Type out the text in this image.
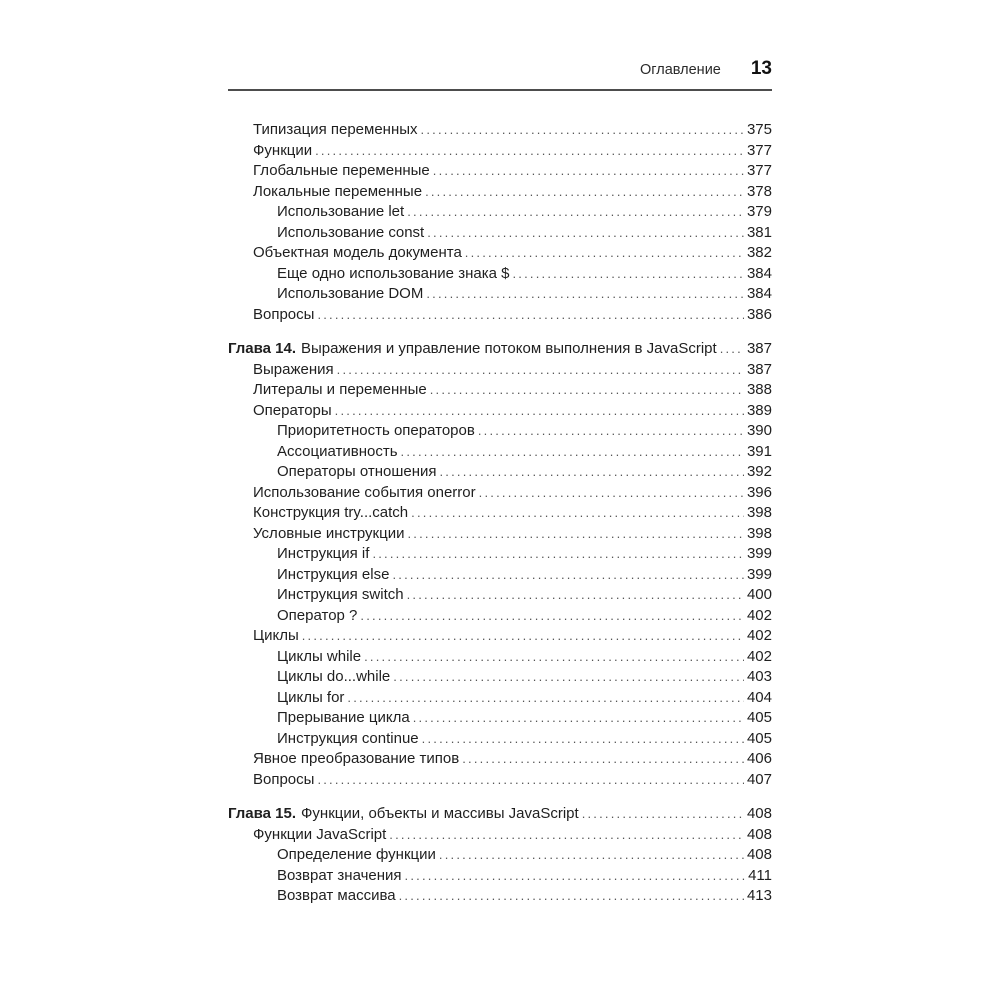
Оглавление 13
Типизация переменных .....	375
Функции .....	377
Глобальные переменные .....	377
Локальные переменные .....	378
Использование let .....	379
Использование const .....	381
Объектная модель документа .....	382
Еще одно использование знака $ .....	384
Использование DOM .....	384
Вопросы .....	386
Глава 14. Выражения и управление потоком выполнения в JavaScript ..... 387
Выражения .....	387
Литералы и переменные .....	388
Операторы .....	389
Приоритетность операторов .....	390
Ассоциативность .....	391
Операторы отношения .....	392
Использование события onerror .....	396
Конструкция try...catch .....	398
Условные инструкции .....	398
Инструкция if .....	399
Инструкция else .....	399
Инструкция switch .....	400
Оператор ? .....	402
Циклы .....	402
Циклы while .....	402
Циклы do...while .....	403
Циклы for .....	404
Прерывание цикла .....	405
Инструкция continue .....	405
Явное преобразование типов .....	406
Вопросы .....	407
Глава 15. Функции, объекты и массивы JavaScript .....	408
Функции JavaScript .....	408
Определение функции .....	408
Возврат значения .....	411
Возврат массива .....	413
